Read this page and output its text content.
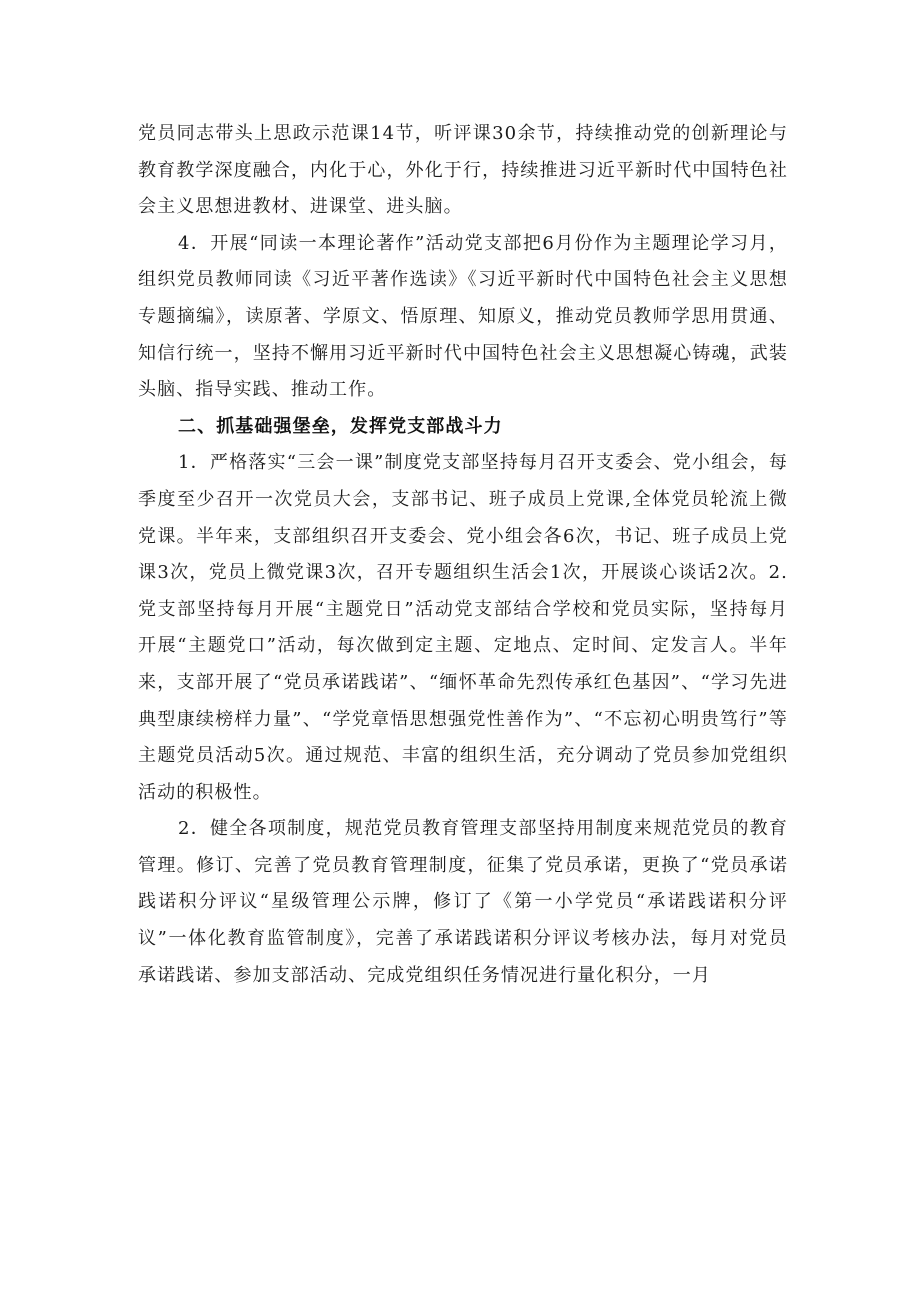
党员同志带头上思政示范课14节，听评课30余节，持续推动党的创新理论与教育教学深度融合，内化于心，外化于行，持续推进习近平新时代中国特色社会主义思想进教材、进课堂、进头脑。

4．开展“同读一本理论著作”活动党支部把6月份作为主题理论学习月，组织党员教师同读《习近平著作选读》《习近平新时代中国特色社会主义思想专题摘编》，读原著、学原文、悟原理、知原义，推动党员教师学思用贯通、知信行统一，坚持不懈用习近平新时代中国特色社会主义思想凝心铸魂，武装头脑、指导实践、推动工作。

二、抓基础强堡垒，发挥党支部战斗力

1．严格落实“三会一课”制度党支部坚持每月召开支委会、党小组会，每季度至少召开一次党员大会，支部书记、班子成员上党课,全体党员轮流上微党课。半年来，支部组织召开支委会、党小组会各6次，书记、班子成员上党课3次，党员上微党课3次，召开专题组织生活会1次，开展谈心谈话2次。2.党支部坚持每月开展“主题党日”活动党支部结合学校和党员实际，坚持每月开展“主题党口”活动，每次做到定主题、定地点、定时间、定发言人。半年来，支部开展了“党员承诺践诺”、“缅怀革命先烈传承红色基因”、“学习先进典型康续榜样力量”、“学党章悟思想强党性善作为”、“不忘初心明贵笃行”等主题党员活动5次。通过规范、丰富的组织生活，充分调动了党员参加党组织活动的积极性。

2．健全各项制度，规范党员教育管理支部坚持用制度来规范党员的教育管理。修订、完善了党员教育管理制度，征集了党员承诺，更换了“党员承诺践诺积分评议“星级管理公示牌，修订了《第一小学党员“承诺践诺积分评议”一体化教育监管制度》，完善了承诺践诺积分评议考核办法，每月对党员承诺践诺、参加支部活动、完成党组织任务情况进行量化积分，一月
